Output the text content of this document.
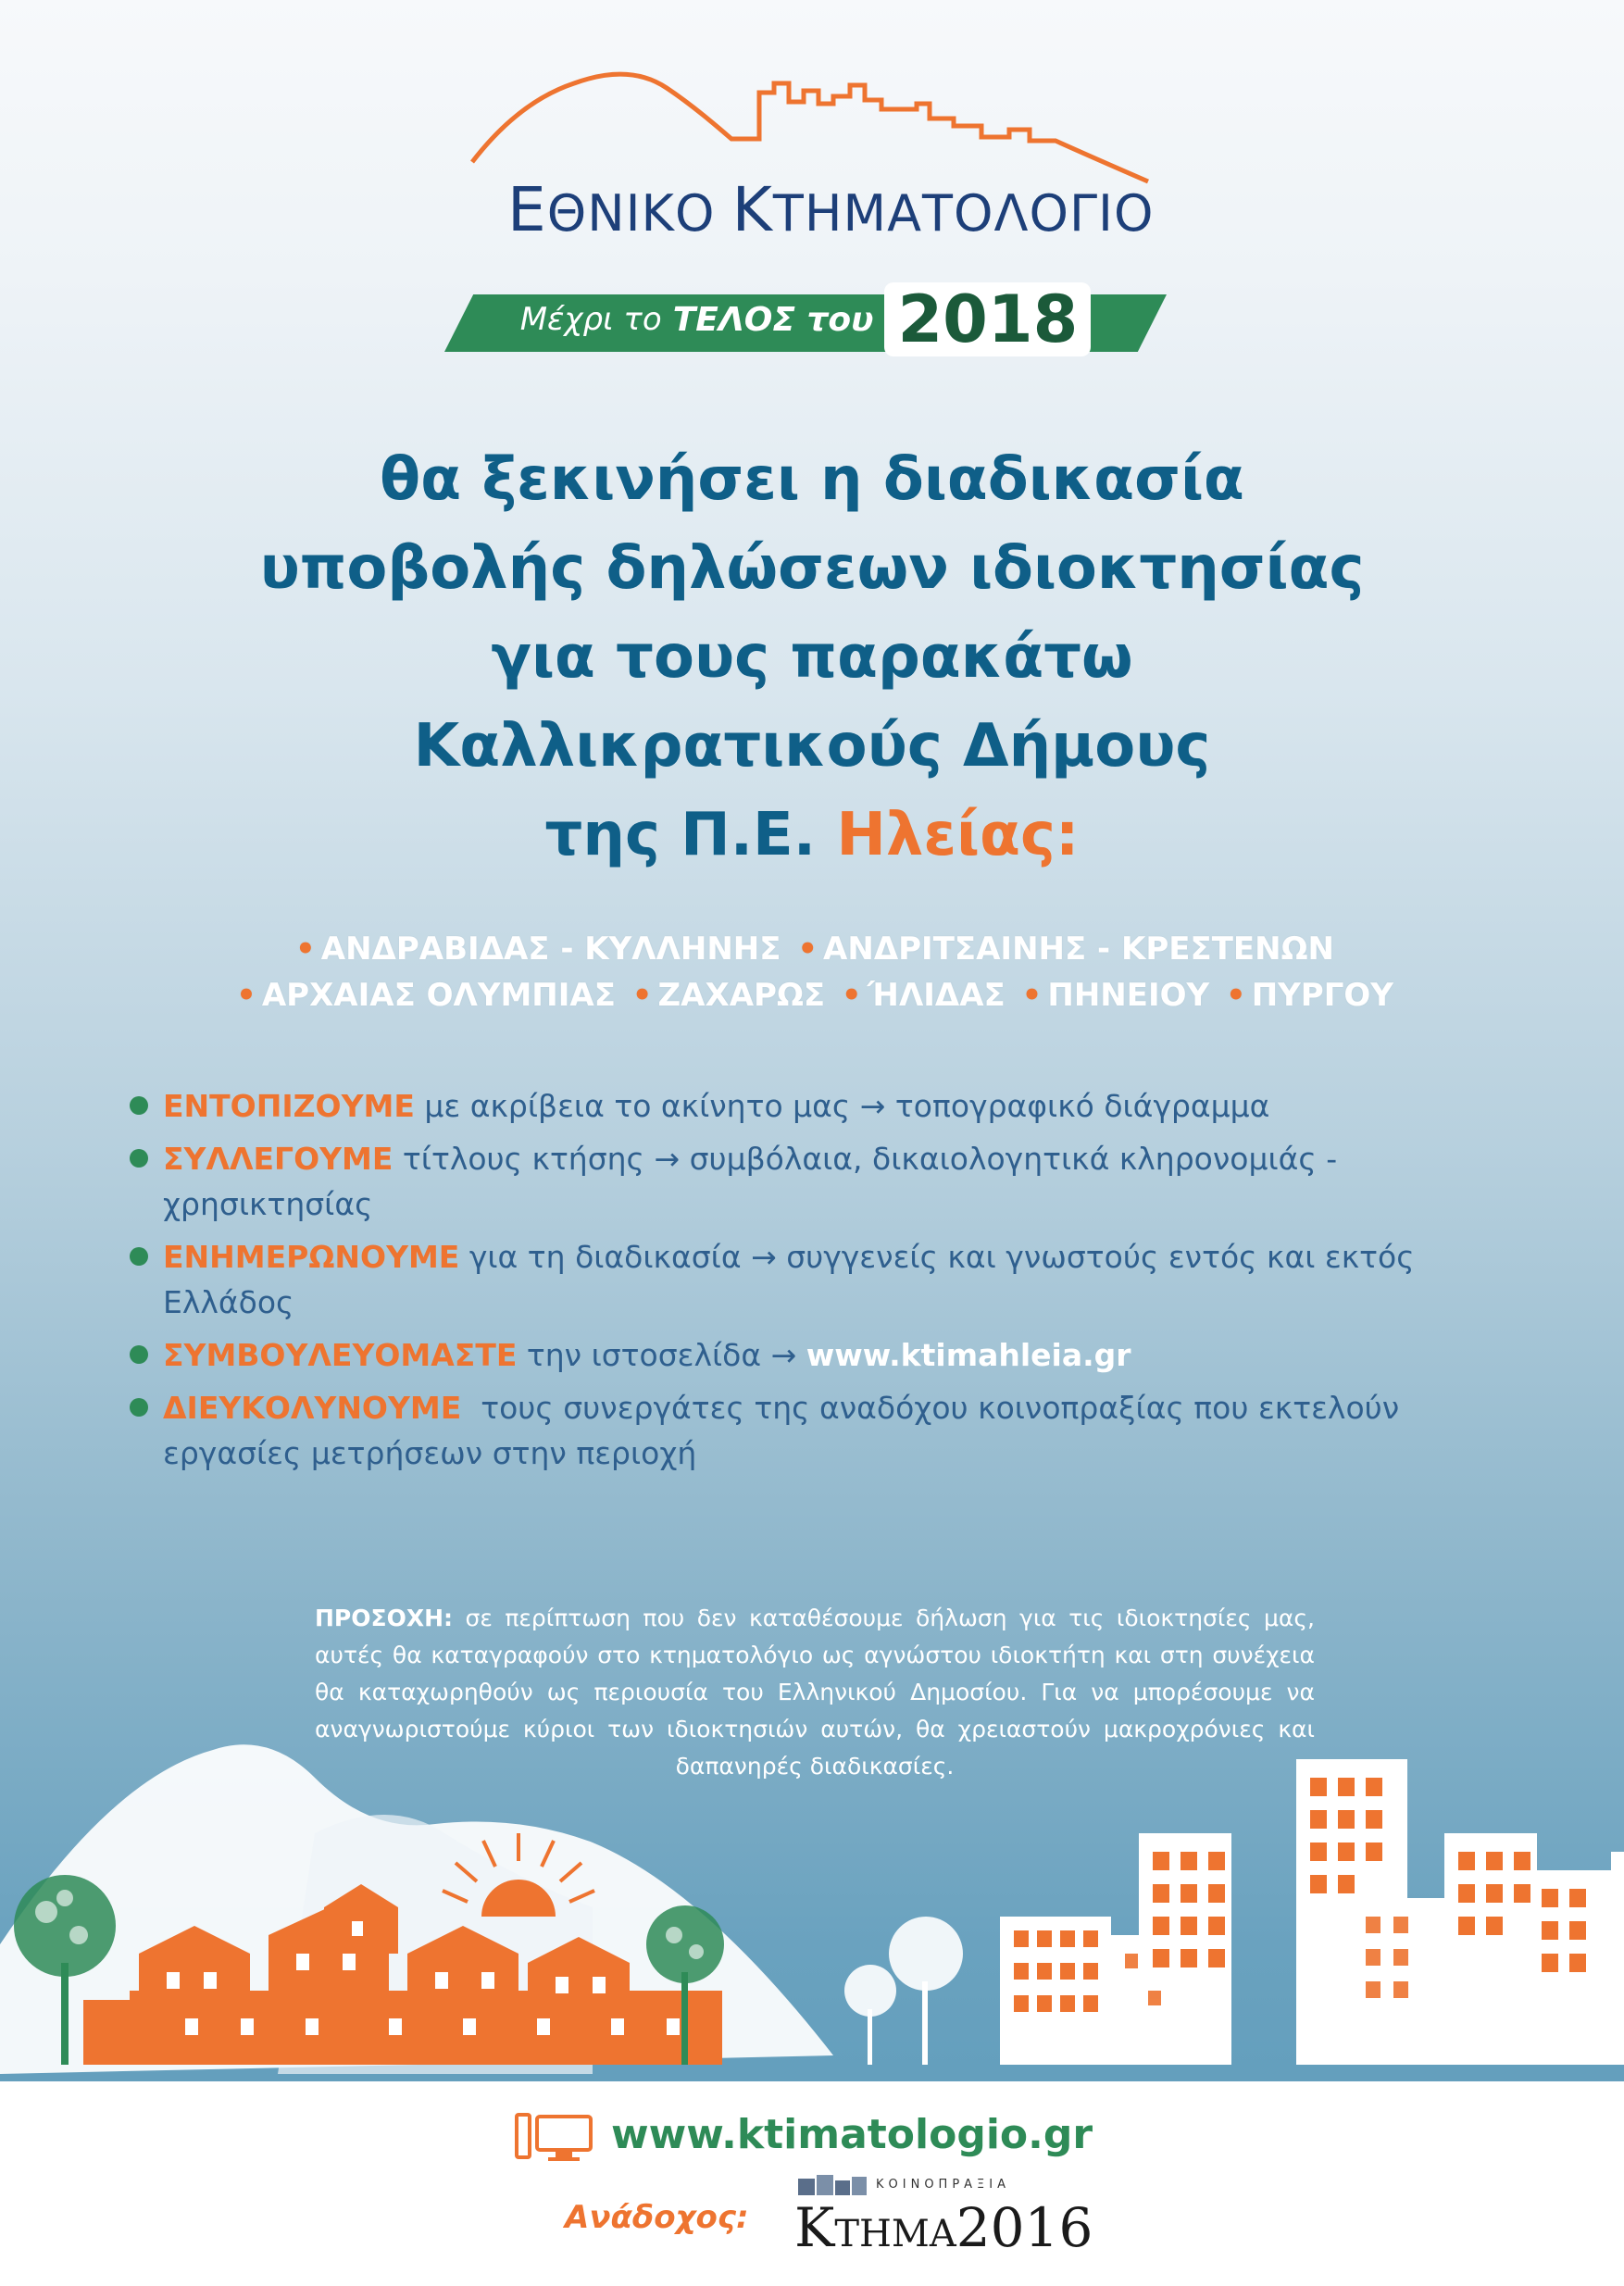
ΕΘΝΙΚΟ ΚΤΗΜΑΤΟΛΟΓΙΟ
Μέχρι το ΤΕΛΟΣ του 2018
θα ξεκινήσει η διαδικασία
υποβολής δηλώσεων ιδιοκτησίας
για τους παρακάτω
Καλλικρατικούς Δήμους
της Π.Ε. Ηλείας:
• ΑΝΔΡΑΒΙΔΑΣ - ΚΥΛΛΗΝΗΣ • ΑΝΔΡΙΤΣΑΙΝΗΣ - ΚΡΕΣΤΕΝΩΝ
• ΑΡΧΑΙΑΣ ΟΛΥΜΠΙΑΣ • ΖΑΧΑΡΩΣ • ΉΛΙΔΑΣ • ΠΗΝΕΙΟΥ • ΠΥΡΓΟΥ
ΕΝΤΟΠΙΖΟΥΜΕ με ακρίβεια το ακίνητο μας → τοπογραφικό διάγραμμα
ΣΥΛΛΕΓΟΥΜΕ τίτλους κτήσης → συμβόλαια, δικαιολογητικά κληρονομιάς - χρησικτησίας
ΕΝΗΜΕΡΩΝΟΥΜΕ για τη διαδικασία → συγγενείς και γνωστούς εντός και εκτός Ελλάδος
ΣΥΜΒΟΥΛΕΥΟΜΑΣΤΕ την ιστοσελίδα → www.ktimahleia.gr
ΔΙΕΥΚΟΛΥΝΟΥΜΕ τους συνεργάτες της αναδόχου κοινοπραξίας που εκτελούν εργασίες μετρήσεων στην περιοχή
ΠΡΟΣΟΧΗ: σε περίπτωση που δεν καταθέσουμε δήλωση για τις ιδιοκτησίες μας, αυτές θα καταγραφούν στο κτηματολόγιο ως αγνώστου ιδιοκτήτη και στη συνέχεια θα καταχωρηθούν ως περιουσία του Ελληνικού Δημοσίου. Για να μπορέσουμε να αναγνωριστούμε κύριοι των ιδιοκτησιών αυτών, θα χρειαστούν μακροχρόνιες και δαπανηρές διαδικασίες.
www.ktimatologio.gr
Ανάδοχος:
ΚΟΙΝΟΠΡΑΞΙΑ
ΚΤΗΜΑ2016
